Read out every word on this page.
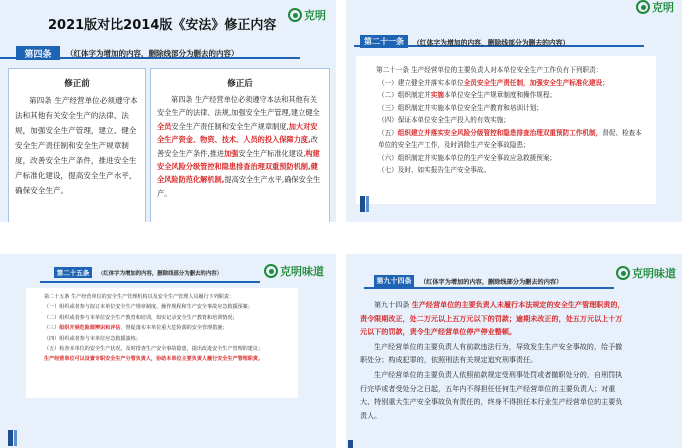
2021版对比2014版《安法》修正内容
克明
第四条	（红体字为增加的内容，删除线部分为删去的内容）
修正前

第四条 生产经营单位必须遵守本法和其他有关安全生产的法律、法规，加强安全生产管理，建立、健全安全生产责任制和安全生产规章制度，改善安全生产条件，推进安全生产标准化建设，提高安全生产水平，确保安全生产。

修正后

第四条 生产经营单位必须遵守本法和其他有关安全生产的法律、法规,加强安全生产管理,建立健全全员安全生产责任制和安全生产规章制度,加大对安全生产资金、物资、技术、人员的投入保障力度,改善安全生产条件,推进加强安全生产标准化建设,构建安全风险分级管控和隐患排查治理双重预防机制,健全风险防范化解机制,提高安全生产水平,确保安全生产。

克明
第二十一条	（红体字为增加的内容，删除线部分为删去的内容）

第二十一条 生产经营单位的主要负责人对本单位安全生产工作负有下列职责：

（一）建立健全并落实本单位全员安全生产责任制，加强安全生产标准化建设；

（二）组织制定并实施本单位安全生产规章制度和操作规程；

（三）组织制定并实施本单位安全生产教育和培训计划；

（四）保证本单位安全生产投入的有效实施；

（五）组织建立并落实安全风险分级管控和隐患排查治理双重预防工作机制，督促、检查本单位的安全生产工作，及时消除生产安全事故隐患；

（六）组织制定并实施本单位的生产安全事故应急救援预案；

（七）及时、如实报告生产安全事故。

克明味道
第二十五条	（红体字为增加的内容，删除线部分为删去的内容）

第二十五条 生产经营单位的安全生产管理机构以及安全生产管理人员履行下列职责：

（一）组织或者参与拟订本单位安全生产规章制度、操作规程和生产安全事故应急救援预案；

（二）组织或者参与本单位安全生产教育和培训，如实记录安全生产教育和培训情况；

（三）组织开展危险源辨识和评估，督促落实本单位重大危险源的安全管理措施；

（四）组织或者参与本单位应急救援演练；

（五）检查本单位的安全生产状况，及时排查生产安全事故隐患，提出改进安全生产管理的建议；

生产经营单位可以设置专职安全生产分管负责人，协助本单位主要负责人履行安全生产管理职责。

克明味道
第九十四条	（红体字为增加的内容，删除线部分为删去的内容）

第九十四条 生产经营单位的主要负责人未履行本法规定的安全生产管理职责的，责令限期改正，处二万元以上五万元以下的罚款；逾期未改正的，处五万元以上十万元以下的罚款，责令生产经营单位停产停业整顿。

生产经营单位的主要负责人有前款违法行为，导致发生生产安全事故的，给予撤职处分；构成犯罪的，依照刑法有关规定追究刑事责任。

生产经营单位的主要负责人依照前款规定受刑事处罚或者撤职处分的，自刑罚执行完毕或者受处分之日起，五年内不得担任任何生产经营单位的主要负责人；对重大、特别重大生产安全事故负有责任的，终身不得担任本行业生产经营单位的主要负责人。
